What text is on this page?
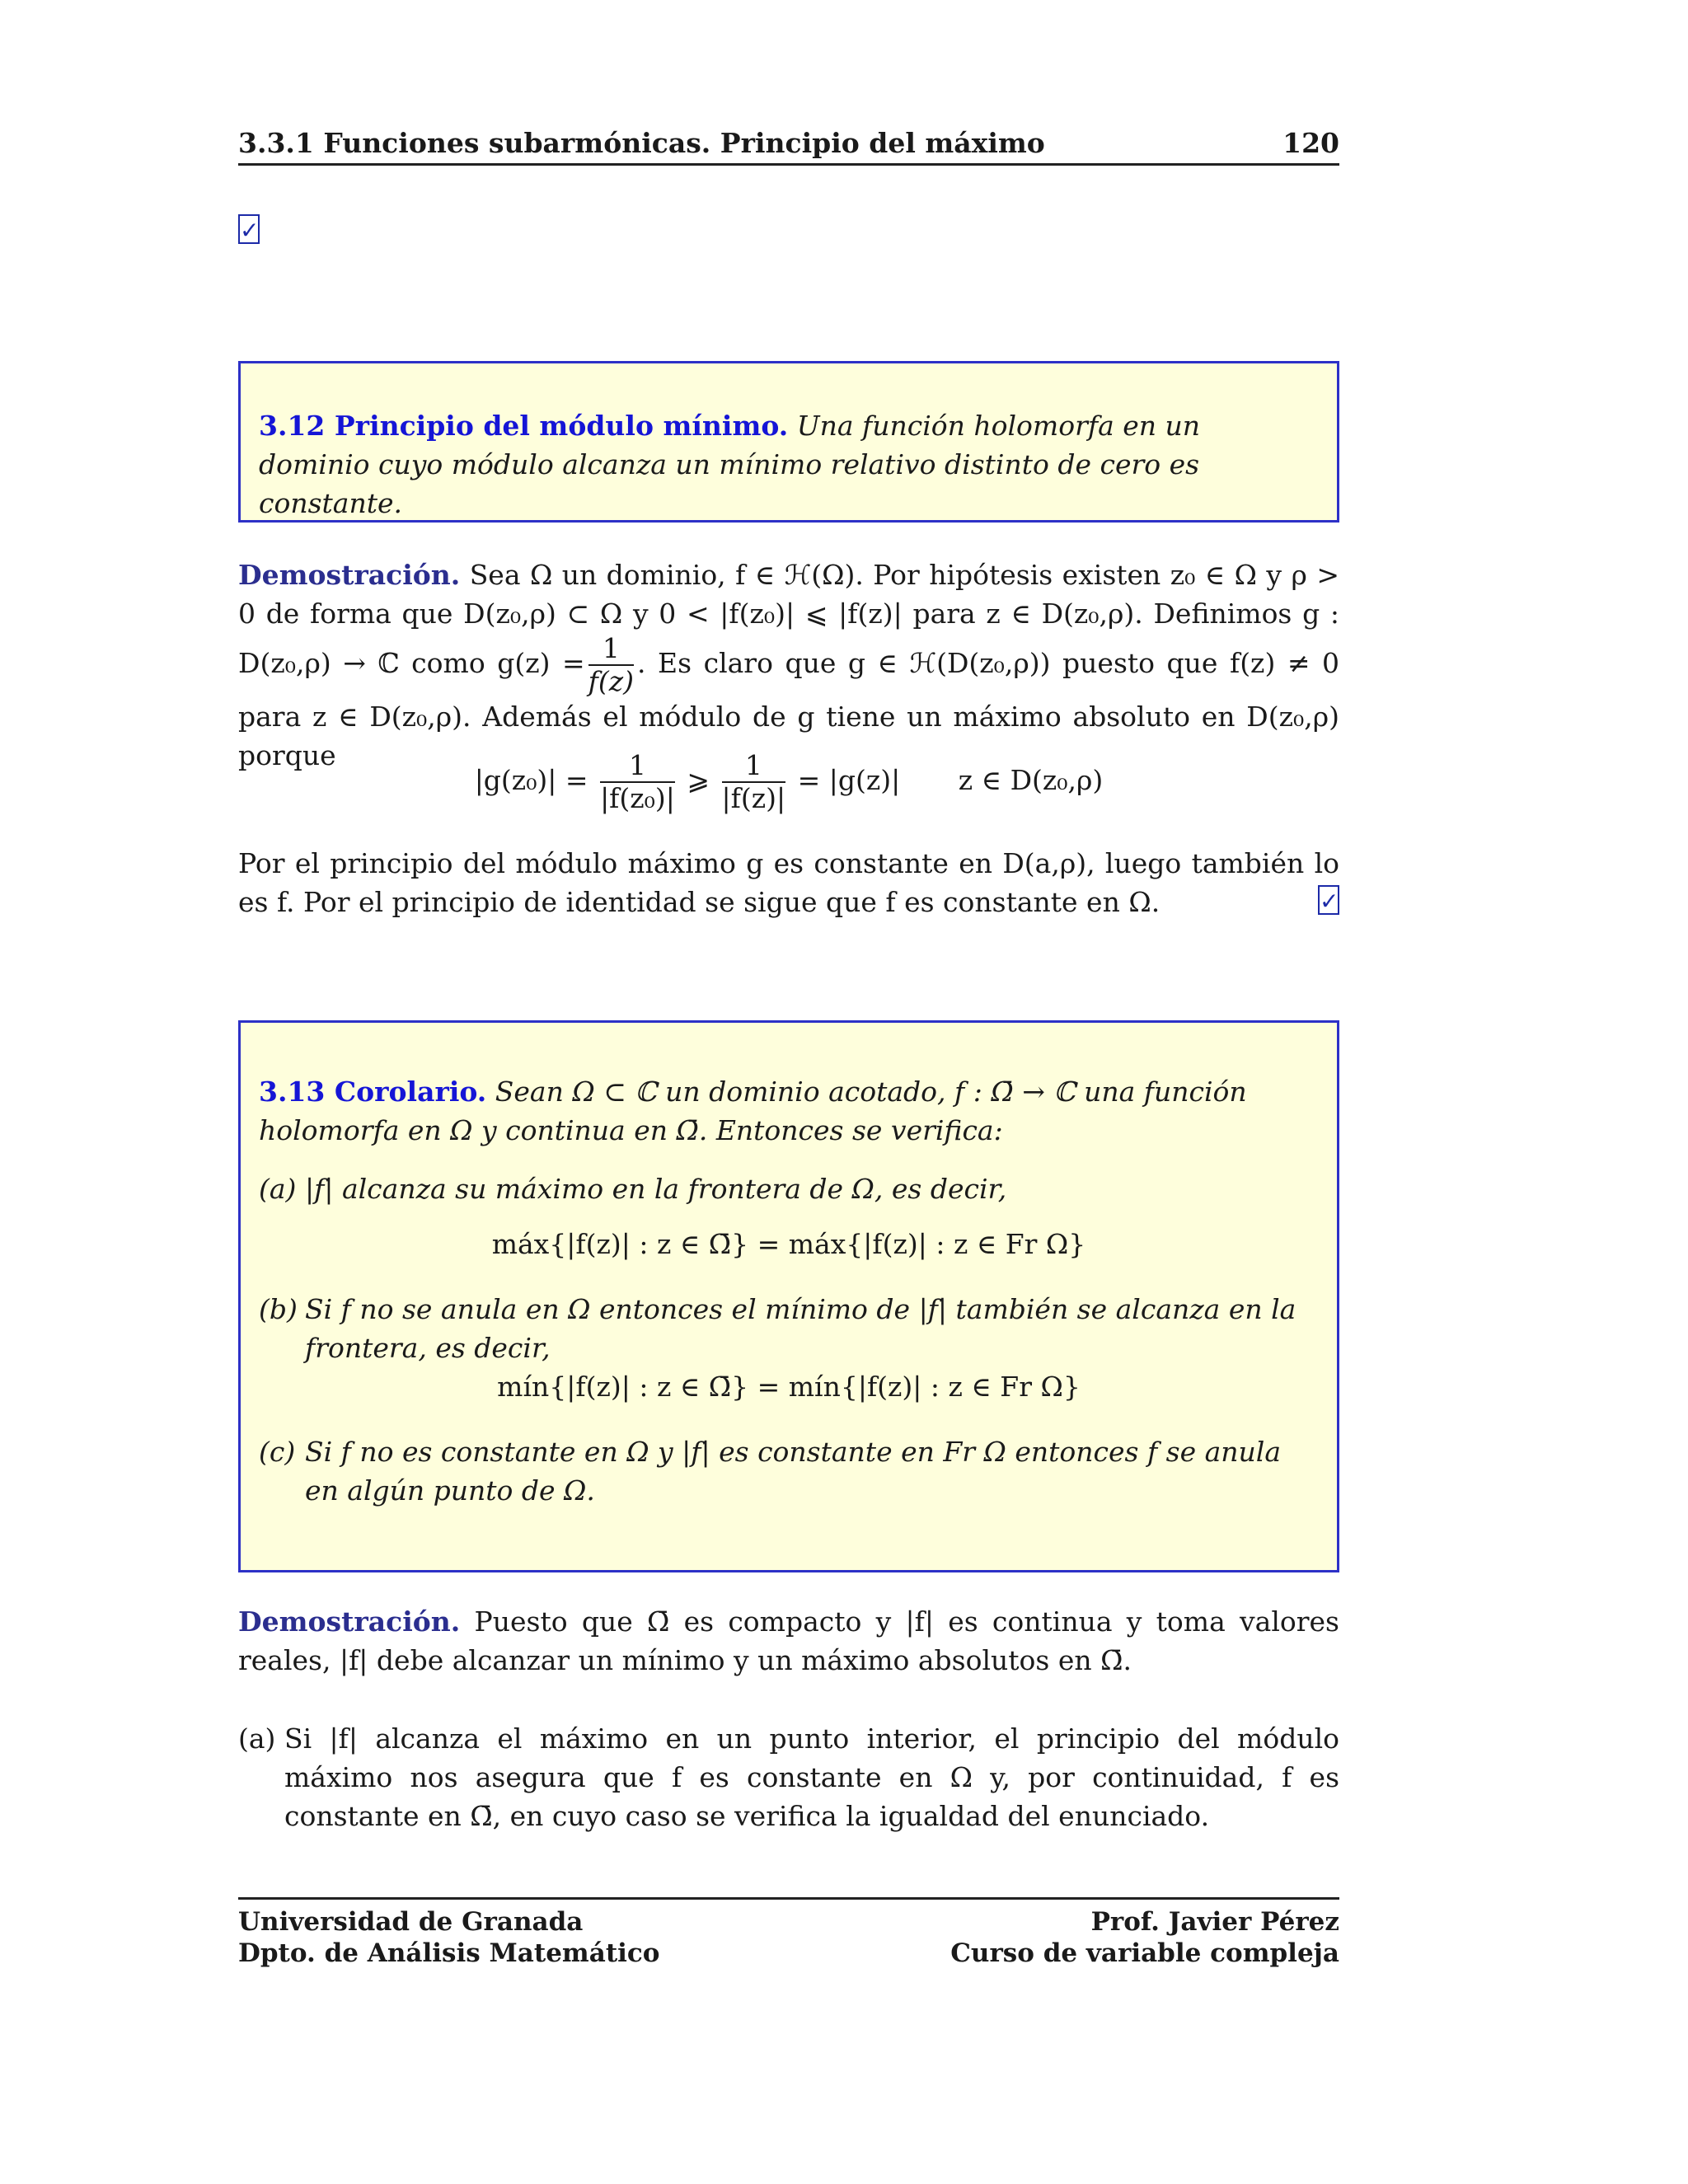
3.3.1 Funciones subarmónicas. Principio del máximo	120
✓
3.12 Principio del módulo mínimo. Una función holomorfa en un dominio cuyo módulo alcanza un mínimo relativo distinto de cero es constante.
Demostración. Sea Ω un dominio, f ∈ ℋ(Ω). Por hipótesis existen z₀ ∈ Ω y ρ > 0 de forma que D(z₀,ρ) ⊂ Ω y 0 < |f(z₀)| ⩽ |f(z)| para z ∈ D(z₀,ρ). Definimos g : D(z₀,ρ) → ℂ como $g(z) = \frac{1}{f(z)}$ . Es claro que g ∈ ℋ(D(z₀,ρ)) puesto que f(z) ≠ 0 para z ∈ D(z₀,ρ). Además el módulo de g tiene un máximo absoluto en D(z₀,ρ) porque
$|g(z_0)| = \frac{1}{\text{|f(z₀)|}}$ ⩾ $\frac{1}{|f(z)|} = |g(z)|$ z ∈ D(z₀,ρ)
Por el principio del módulo máximo g es constante en D(a,ρ), luego también lo es f. Por el principio de identidad se sigue que f es constante en Ω.	✓
3.13 Corolario. Sean Ω ⊂ ℂ un dominio acotado, f : Ω̄ → ℂ una función holomorfa en Ω y continua en Ω̄. Entonces se verifica:
(a) |f| alcanza su máximo en la frontera de Ω, es decir,
máx{|f(z)| : z ∈ Ω̄} = máx{|f(z)| : z ∈ Fr Ω}
(b) Si f no se anula en Ω entonces el mínimo de |f| también se alcanza en la frontera, es decir,
mín{|f(z)| : z ∈ Ω̄} = mín{|f(z)| : z ∈ Fr Ω}
(c) Si f no es constante en Ω y |f| es constante en Fr Ω entonces f se anula en algún punto de Ω.
Demostración. Puesto que Ω̄ es compacto y |f| es continua y toma valores reales, |f| debe alcanzar un mínimo y un máximo absolutos en Ω̄.
(a) Si |f| alcanza el máximo en un punto interior, el principio del módulo máximo nos asegura que f es constante en Ω y, por continuidad, f es constante en Ω̄, en cuyo caso se verifica la igualdad del enunciado.
Universidad de Granada
Dpto. de Análisis Matemático
Prof. Javier Pérez
Curso de variable compleja
